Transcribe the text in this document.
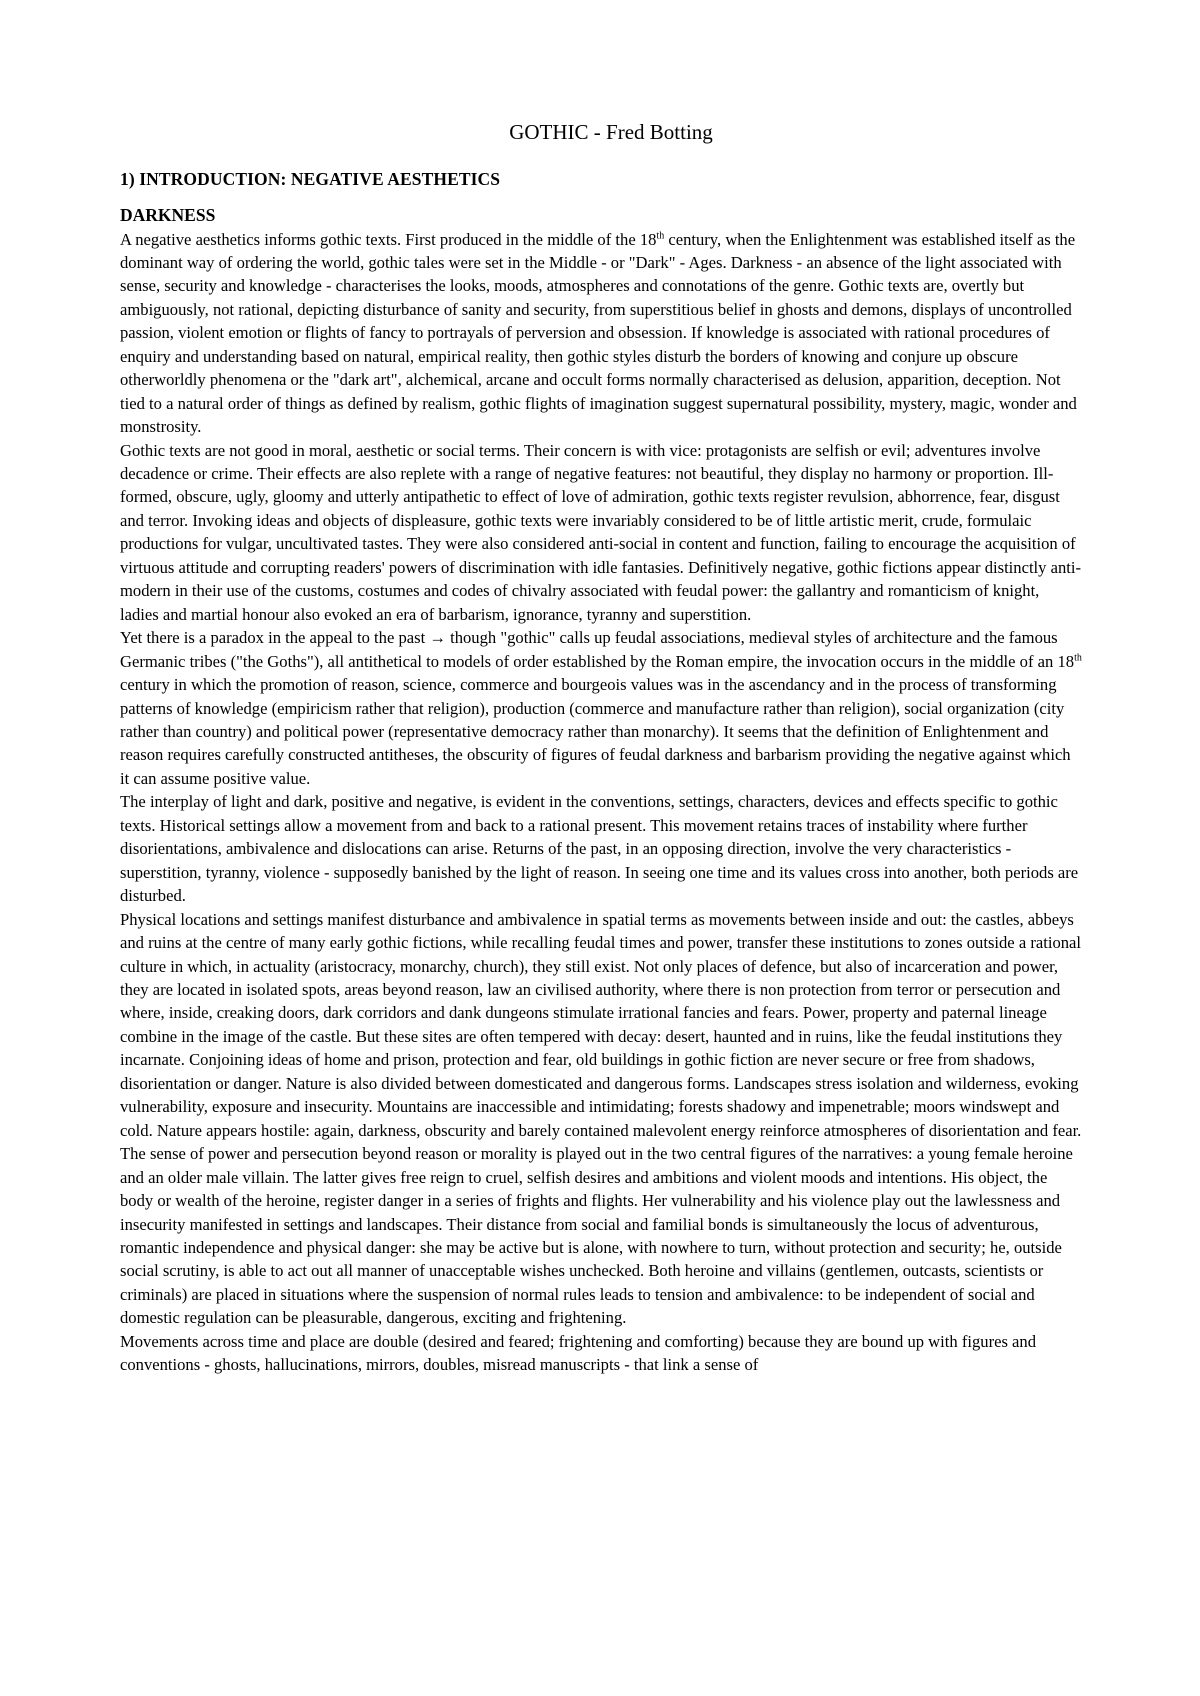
GOTHIC - Fred Botting
1) INTRODUCTION: NEGATIVE AESTHETICS
DARKNESS

A negative aesthetics informs gothic texts. First produced in the middle of the 18th century, when the Enlightenment was established itself as the dominant way of ordering the world, gothic tales were set in the Middle - or "Dark" - Ages. Darkness - an absence of the light associated with sense, security and knowledge - characterises the looks, moods, atmospheres and connotations of the genre. Gothic texts are, overtly but ambiguously, not rational, depicting disturbance of sanity and security, from superstitious belief in ghosts and demons, displays of uncontrolled passion, violent emotion or flights of fancy to portrayals of perversion and obsession. If knowledge is associated with rational procedures of enquiry and understanding based on natural, empirical reality, then gothic styles disturb the borders of knowing and conjure up obscure otherworldly phenomena or the "dark art", alchemical, arcane and occult forms normally characterised as delusion, apparition, deception. Not tied to a natural order of things as defined by realism, gothic flights of imagination suggest supernatural possibility, mystery, magic, wonder and monstrosity.

Gothic texts are not good in moral, aesthetic or social terms. Their concern is with vice: protagonists are selfish or evil; adventures involve decadence or crime. Their effects are also replete with a range of negative features: not beautiful, they display no harmony or proportion. Ill-formed, obscure, ugly, gloomy and utterly antipathetic to effect of love of admiration, gothic texts register revulsion, abhorrence, fear, disgust and terror. Invoking ideas and objects of displeasure, gothic texts were invariably considered to be of little artistic merit, crude, formulaic productions for vulgar, uncultivated tastes. They were also considered anti-social in content and function, failing to encourage the acquisition of virtuous attitude and corrupting readers' powers of discrimination with idle fantasies. Definitively negative, gothic fictions appear distinctly anti-modern in their use of the customs, costumes and codes of chivalry associated with feudal power: the gallantry and romanticism of knight, ladies and martial honour also evoked an era of barbarism, ignorance, tyranny and superstition.

Yet there is a paradox in the appeal to the past → though "gothic" calls up feudal associations, medieval styles of architecture and the famous Germanic tribes ("the Goths"), all antithetical to models of order established by the Roman empire, the invocation occurs in the middle of an 18th century in which the promotion of reason, science, commerce and bourgeois values was in the ascendancy and in the process of transforming patterns of knowledge (empiricism rather that religion), production (commerce and manufacture rather than religion), social organization (city rather than country) and political power (representative democracy rather than monarchy). It seems that the definition of Enlightenment and reason requires carefully constructed antitheses, the obscurity of figures of feudal darkness and barbarism providing the negative against which it can assume positive value.

The interplay of light and dark, positive and negative, is evident in the conventions, settings, characters, devices and effects specific to gothic texts. Historical settings allow a movement from and back to a rational present. This movement retains traces of instability where further disorientations, ambivalence and dislocations can arise. Returns of the past, in an opposing direction, involve the very characteristics - superstition, tyranny, violence - supposedly banished by the light of reason. In seeing one time and its values cross into another, both periods are disturbed.

Physical locations and settings manifest disturbance and ambivalence in spatial terms as movements between inside and out: the castles, abbeys and ruins at the centre of many early gothic fictions, while recalling feudal times and power, transfer these institutions to zones outside a rational culture in which, in actuality (aristocracy, monarchy, church), they still exist. Not only places of defence, but also of incarceration and power, they are located in isolated spots, areas beyond reason, law an civilised authority, where there is non protection from terror or persecution and where, inside, creaking doors, dark corridors and dank dungeons stimulate irrational fancies and fears. Power, property and paternal lineage combine in the image of the castle. But these sites are often tempered with decay: desert, haunted and in ruins, like the feudal institutions they incarnate. Conjoining ideas of home and prison, protection and fear, old buildings in gothic fiction are never secure or free from shadows, disorientation or danger. Nature is also divided between domesticated and dangerous forms. Landscapes stress isolation and wilderness, evoking vulnerability, exposure and insecurity. Mountains are inaccessible and intimidating; forests shadowy and impenetrable; moors windswept and cold. Nature appears hostile: again, darkness, obscurity and barely contained malevolent energy reinforce atmospheres of disorientation and fear.

The sense of power and persecution beyond reason or morality is played out in the two central figures of the narratives: a young female heroine and an older male villain. The latter gives free reign to cruel, selfish desires and ambitions and violent moods and intentions. His object, the body or wealth of the heroine, register danger in a series of frights and flights. Her vulnerability and his violence play out the lawlessness and insecurity manifested in settings and landscapes. Their distance from social and familial bonds is simultaneously the locus of adventurous, romantic independence and physical danger: she may be active but is alone, with nowhere to turn, without protection and security; he, outside social scrutiny, is able to act out all manner of unacceptable wishes unchecked. Both heroine and villains (gentlemen, outcasts, scientists or criminals) are placed in situations where the suspension of normal rules leads to tension and ambivalence: to be independent of social and domestic regulation can be pleasurable, dangerous, exciting and frightening.

Movements across time and place are double (desired and feared; frightening and comforting) because they are bound up with figures and conventions - ghosts, hallucinations, mirrors, doubles, misread manuscripts - that link a sense of
